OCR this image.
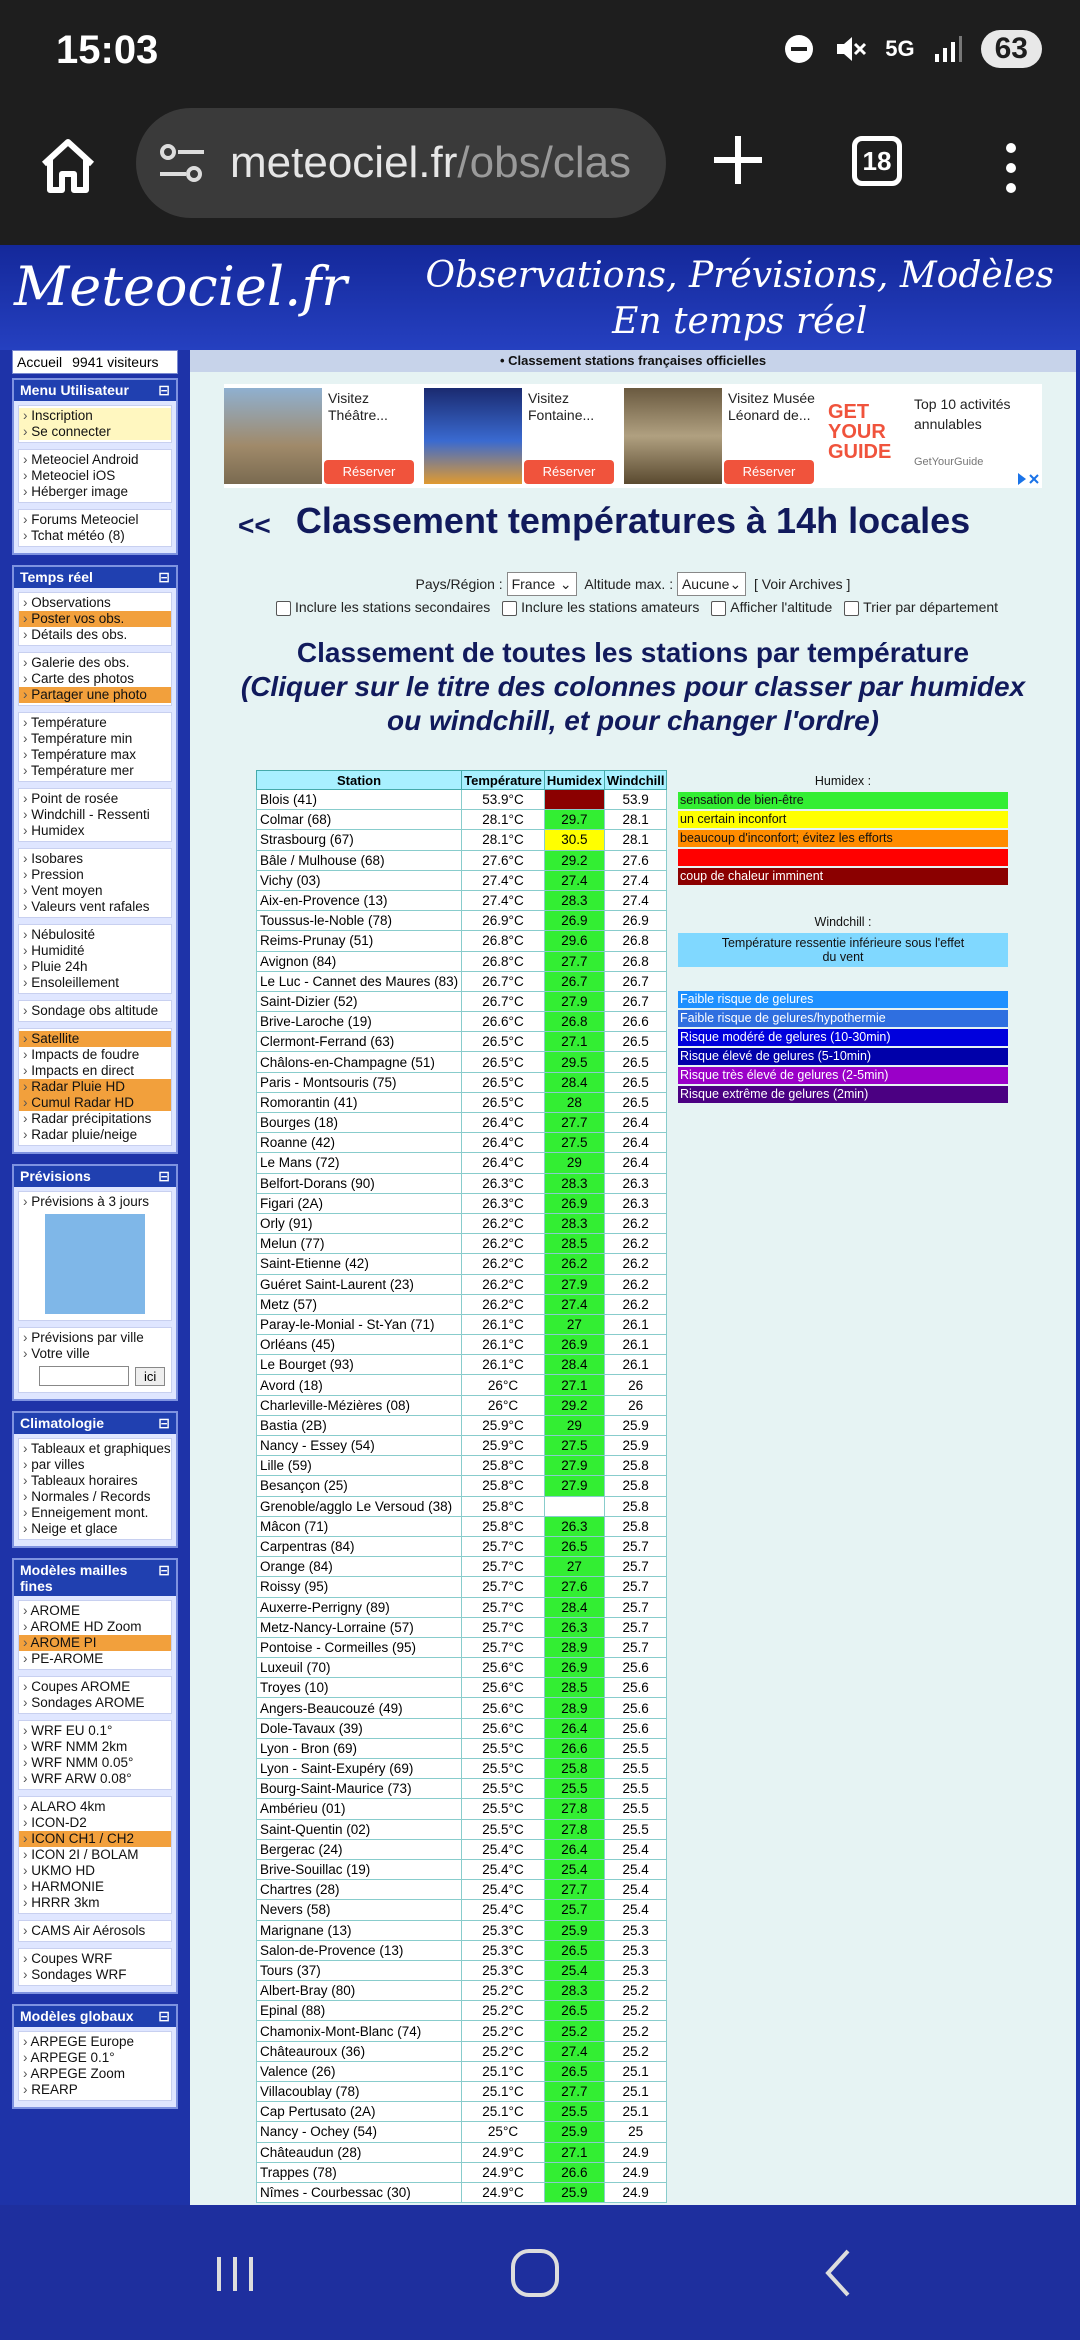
15:03	5G	63
meteociel.fr/obs/clas	18
Meteociel.fr Observations, Prévisions, Modèles
En temps réel
Accueil 9941 visiteurs
Menu Utilisateur ⊟
› Inscription
› Se connecter
› Meteociel Android
› Meteociel iOS
› Héberger image
› Forums Meteociel
› Tchat météo (8)
Temps réel	⊟
› Observations
› Poster vos obs.
› Détails des obs.
› Galerie des obs.
› Carte des photos
› Partager une photo
› Température
› Température min
› Température max
› Température mer
› Point de rosée
› Windchill - Ressenti
› Humidex
› Isobares
› Pression
› Vent moyen
› Valeurs vent rafales
› Nébulosité
› Humidité
› Pluie 24h
› Ensoleillement
› Sondage obs altitude
› Satellite
› Impacts de foudre
› Impacts en direct
› Radar Pluie HD
› Cumul Radar HD
› Radar précipitations
› Radar pluie/neige
Prévisions	⊟
› Prévisions à 3 jours
› Prévisions par ville
› Votre ville
ici
Climatologie	⊟
› Tableaux et graphiques
› par villes
› Tableaux horaires
› Normales / Records
› Enneigement mont.
› Neige et glace
Modèles mailles fines
⊟
› AROME
› AROME HD Zoom
› AROME PI
› PE-AROME
› Coupes AROME
› Sondages AROME
› WRF EU 0.1°
› WRF NMM 2km
› WRF NMM 0.05°
› WRF ARW 0.08°
› ALARO 4km
› ICON-D2
› ICON CH1 / CH2
› ICON 2I / BOLAM
› UKMO HD
› HARMONIE
› HRRR 3km
› CAMS Air Aérosols
› Coupes WRF
› Sondages WRF
Modèles globaux ⊟
› ARPEGE Europe
› ARPEGE 0.1°
› ARPEGE Zoom
› REARP
• Classement stations françaises officielles
Visitez Théâtre...
Réserver
Visitez Fontaine...
Réserver
Visitez Musée Léonard de...
Réserver
GET YOUR GUIDE
Top 10 activités annulables
GetYourGuide
<< Classement températures à 14h locales
Pays/Région : France ⌄ Altitude max. : Aucune ⌄ [ Voir Archives ]
Inclure les stations secondaires Inclure les stations amateurs Afficher l'altitude Trier par département
Classement de toutes les stations par température
(Cliquer sur le titre des colonnes pour classer par humidex ou windchill, et pour changer l'ordre)
Station	Température	Humidex	Windchill
Blois (41)	53.9°C		53.9
Colmar (68)	28.1°C	29.7	28.1
Strasbourg (67)	28.1°C	30.5	28.1
Bâle / Mulhouse (68)	27.6°C	29.2	27.6
Vichy (03)	27.4°C	27.4	27.4
Aix-en-Provence (13)	27.4°C	28.3	27.4
Toussus-le-Noble (78)	26.9°C	26.9	26.9
Reims-Prunay (51)	26.8°C	29.6	26.8
Avignon (84)	26.8°C	27.7	26.8
Le Luc - Cannet des Maures (83)	26.7°C	26.7	26.7
Saint-Dizier (52)	26.7°C	27.9	26.7
Brive-Laroche (19)	26.6°C	26.8	26.6
Clermont-Ferrand (63)	26.5°C	27.1	26.5
Châlons-en-Champagne (51)	26.5°C	29.5	26.5
Paris - Montsouris (75)	26.5°C	28.4	26.5
Romorantin (41)	26.5°C	28	26.5
Bourges (18)	26.4°C	27.7	26.4
Roanne (42)	26.4°C	27.5	26.4
Le Mans (72)	26.4°C	29	26.4
Belfort-Dorans (90)	26.3°C	28.3	26.3
Figari (2A)	26.3°C	26.9	26.3
Orly (91)	26.2°C	28.3	26.2
Melun (77)	26.2°C	28.5	26.2
Saint-Etienne (42)	26.2°C	26.2	26.2
Guéret Saint-Laurent (23)	26.2°C	27.9	26.2
Metz (57)	26.2°C	27.4	26.2
Paray-le-Monial - St-Yan (71)	26.1°C	27	26.1
Orléans (45)	26.1°C	26.9	26.1
Le Bourget (93)	26.1°C	28.4	26.1
Avord (18)	26°C	27.1	26
Charleville-Mézières (08)	26°C	29.2	26
Bastia (2B)	25.9°C	29	25.9
Nancy - Essey (54)	25.9°C	27.5	25.9
Lille (59)	25.8°C	27.9	25.8
Besançon (25)	25.8°C	27.9	25.8
Grenoble/agglo Le Versoud (38)	25.8°C		25.8
Mâcon (71)	25.8°C	26.3	25.8
Carpentras (84)	25.7°C	26.5	25.7
Orange (84)	25.7°C	27	25.7
Roissy (95)	25.7°C	27.6	25.7
Auxerre-Perrigny (89)	25.7°C	28.4	25.7
Metz-Nancy-Lorraine (57)	25.7°C	26.3	25.7
Pontoise - Cormeilles (95)	25.7°C	28.9	25.7
Luxeuil (70)	25.6°C	26.9	25.6
Troyes (10)	25.6°C	28.5	25.6
Angers-Beaucouzé (49)	25.6°C	28.9	25.6
Dole-Tavaux (39)	25.6°C	26.4	25.6
Lyon - Bron (69)	25.5°C	26.6	25.5
Lyon - Saint-Exupéry (69)	25.5°C	25.8	25.5
Bourg-Saint-Maurice (73)	25.5°C	25.5	25.5
Ambérieu (01)	25.5°C	27.8	25.5
Saint-Quentin (02)	25.5°C	27.8	25.5
Bergerac (24)	25.4°C	26.4	25.4
Brive-Souillac (19)	25.4°C	25.4	25.4
Chartres (28)	25.4°C	27.7	25.4
Nevers (58)	25.4°C	25.7	25.4
Marignane (13)	25.3°C	25.9	25.3
Salon-de-Provence (13)	25.3°C	26.5	25.3
Tours (37)	25.3°C	25.4	25.3
Albert-Bray (80)	25.2°C	28.3	25.2
Epinal (88)	25.2°C	26.5	25.2
Chamonix-Mont-Blanc (74)	25.2°C	25.2	25.2
Châteauroux (36)	25.2°C	27.4	25.2
Valence (26)	25.1°C	26.5	25.1
Villacoublay (78)	25.1°C	27.7	25.1
Cap Pertusato (2A)	25.1°C	25.5	25.1
Nancy - Ochey (54)	25°C	25.9	25
Châteaudun (28)	24.9°C	27.1	24.9
Trappes (78)	24.9°C	26.6	24.9
Nîmes - Courbessac (30)	24.9°C	25.9	24.9
Humidex :
sensation de bien-être
un certain inconfort
beaucoup d'inconfort; évitez les efforts
danger
coup de chaleur imminent
Windchill :
Température ressentie inférieure sous l'effet du vent
Faible risque de gelures
Faible risque de gelures/hypothermie
Risque modéré de gelures (10-30min)
Risque élevé de gelures (5-10min)
Risque très élevé de gelures (2-5min)
Risque extrême de gelures (2min)
